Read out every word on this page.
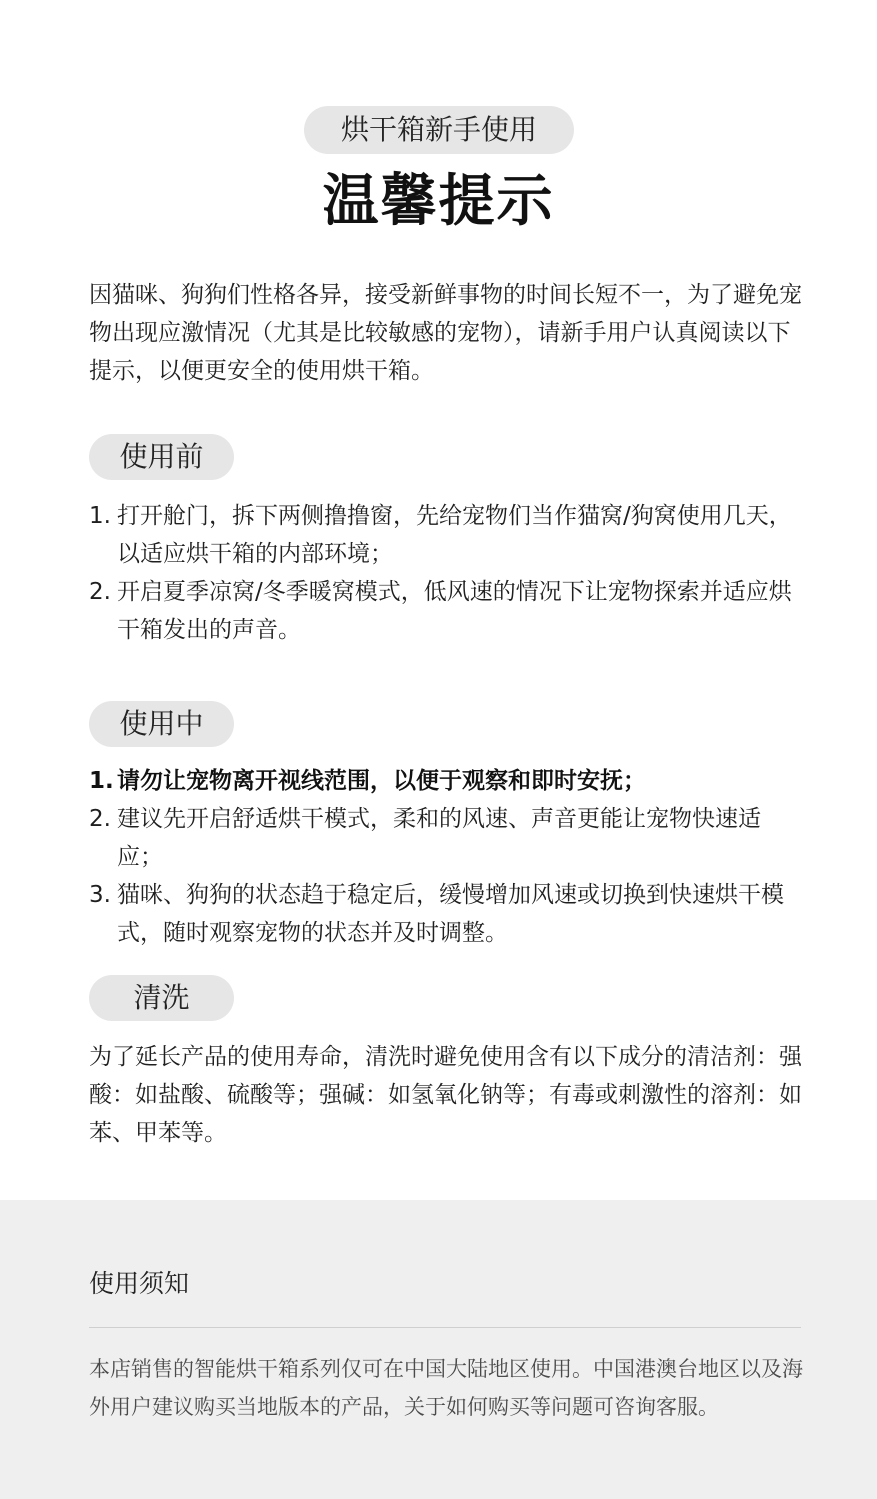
烘干箱新手使用
温馨提示
因猫咪、狗狗们性格各异，接受新鲜事物的时间长短不一，为了避免宠物出现应激情况（尤其是比较敏感的宠物），请新手用户认真阅读以下提示，以便更安全的使用烘干箱。
使用前
1. 打开舱门，拆下两侧撸撸窗，先给宠物们当作猫窝/狗窝使用几天，以适应烘干箱的内部环境；
2. 开启夏季凉窝/冬季暖窝模式，低风速的情况下让宠物探索并适应烘干箱发出的声音。
使用中
1. 请勿让宠物离开视线范围，以便于观察和即时安抚；
2. 建议先开启舒适烘干模式，柔和的风速、声音更能让宠物快速适应；
3. 猫咪、狗狗的状态趋于稳定后，缓慢增加风速或切换到快速烘干模式，随时观察宠物的状态并及时调整。
清洗
为了延长产品的使用寿命，清洗时避免使用含有以下成分的清洁剂：强酸：如盐酸、硫酸等；强碱：如氢氧化钠等；有毒或刺激性的溶剂：如苯、甲苯等。
使用须知
本店销售的智能烘干箱系列仅可在中国大陆地区使用。中国港澳台地区以及海外用户建议购买当地版本的产品，关于如何购买等问题可咨询客服。
